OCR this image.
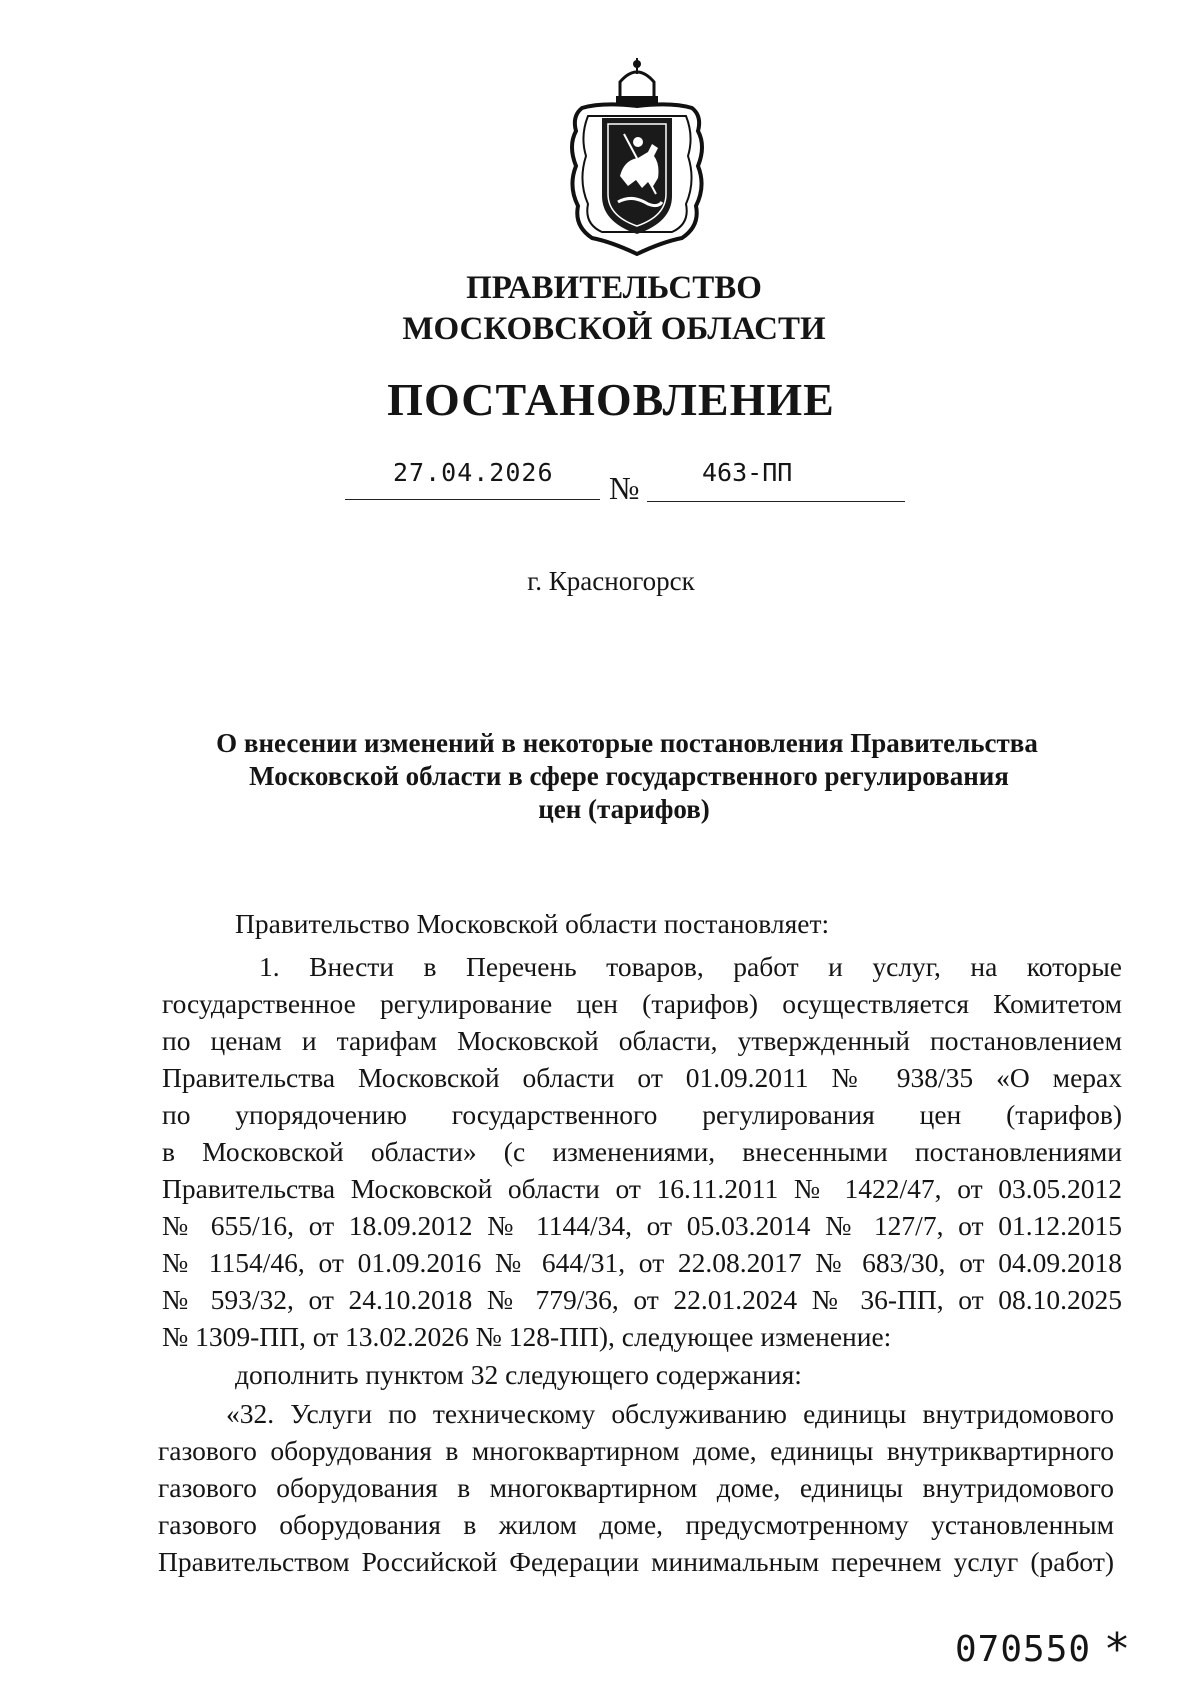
ПРАВИТЕЛЬСТВО
МОСКОВСКОЙ ОБЛАСТИ
ПОСТАНОВЛЕНИЕ
27.04.2026 № 463-ПП
г. Красногорск
О внесении изменений в некоторые постановления Правительства
Московской области в сфере государственного регулирования
цен (тарифов)
Правительство Московской области постановляет:
1. Внести в Перечень товаров, работ и услуг, на которые
государственное регулирование цен (тарифов) осуществляется Комитетом
по ценам и тарифам Московской области, утвержденный постановлением
Правительства Московской области от 01.09.2011 № 938/35 «О мерах
по упорядочению государственного регулирования цен (тарифов)
в Московской области» (с изменениями, внесенными постановлениями
Правительства Московской области от 16.11.2011 № 1422/47, от 03.05.2012
№ 655/16, от 18.09.2012 № 1144/34, от 05.03.2014 № 127/7, от 01.12.2015
№ 1154/46, от 01.09.2016 № 644/31, от 22.08.2017 № 683/30, от 04.09.2018
№ 593/32, от 24.10.2018 № 779/36, от 22.01.2024 № 36-ПП, от 08.10.2025
№ 1309-ПП, от 13.02.2026 № 128-ПП), следующее изменение:
дополнить пунктом 32 следующего содержания:
«32. Услуги по техническому обслуживанию единицы внутридомового
газового оборудования в многоквартирном доме, единицы внутриквартирного
газового оборудования в многоквартирном доме, единицы внутридомового
газового оборудования в жилом доме, предусмотренному установленным
Правительством Российской Федерации минимальным перечнем услуг (работ)
070550 *
